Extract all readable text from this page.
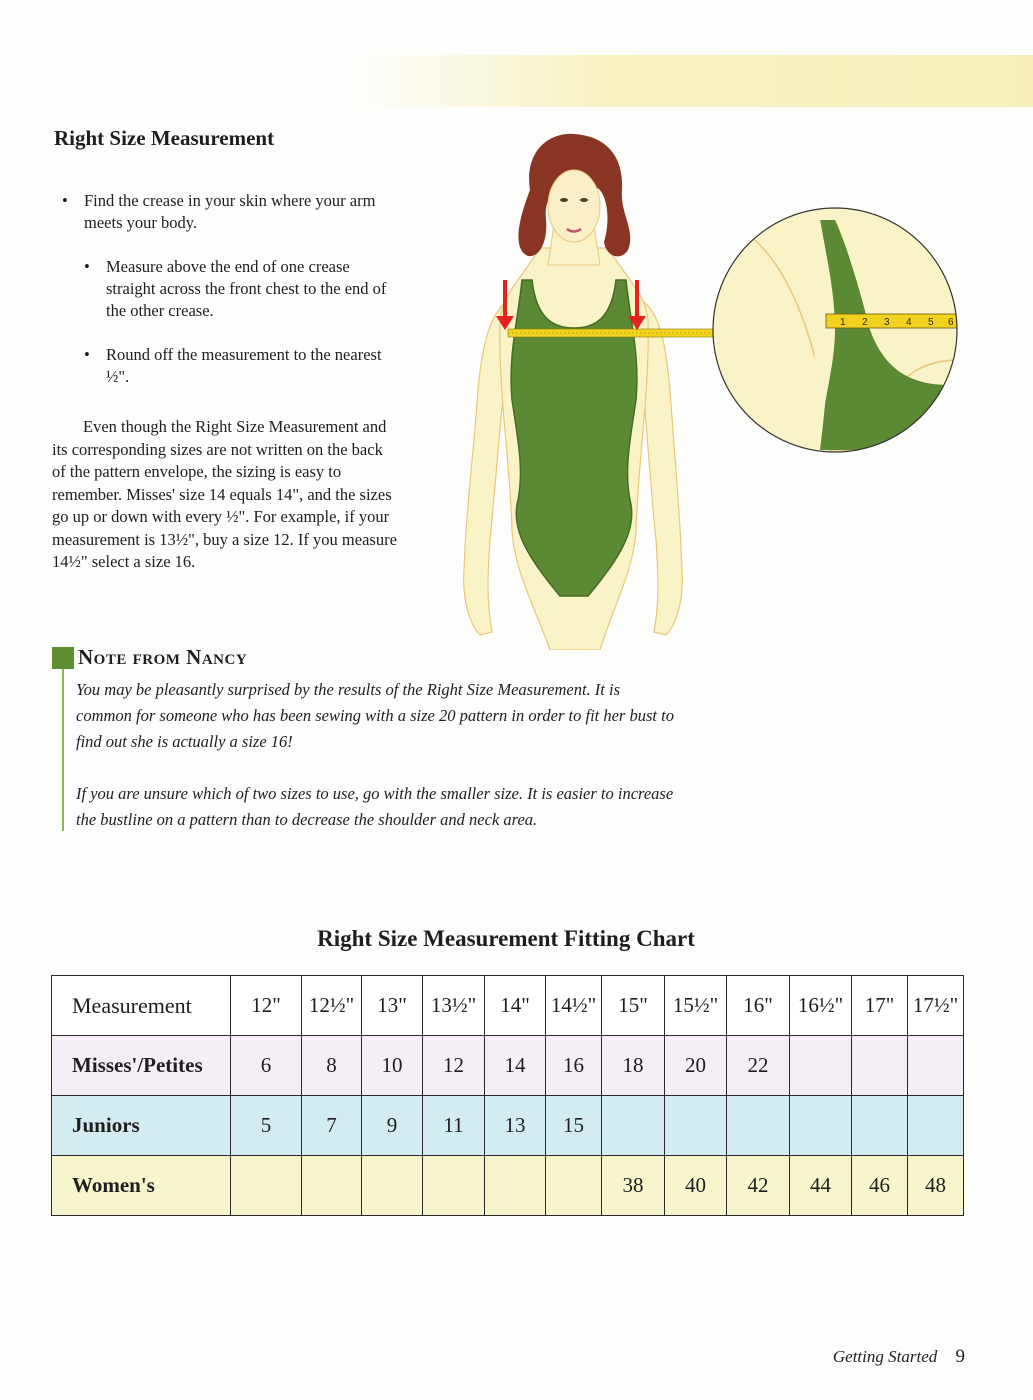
Right Size Measurement
• Find the crease in your skin where your arm meets your body.
• Measure above the end of one crease straight across the front chest to the end of the other crease.
• Round off the measurement to the nearest ½".

Even though the Right Size Measurement and its corresponding sizes are not written on the back of the pattern envelope, the sizing is easy to remember. Misses' size 14 equals 14", and the sizes go up or down with every ½". For example, if your measurement is 13½", buy a size 12. If you measure 14½" select a size 16.

1 2 3 4 5 6
Note from Nancy

You may be pleasantly surprised by the results of the Right Size Measurement. It is common for someone who has been sewing with a size 20 pattern in order to fit her bust to find out she is actually a size 16!

If you are unsure which of two sizes to use, go with the smaller size. It is easier to increase the bustline on a pattern than to decrease the shoulder and neck area.

Right Size Measurement Fitting Chart
Measurement	12"	12½"	13"	13½"	14"	14½"	15"	15½"	16"	16½"	17"	17½"
Misses'/Petites	6	8	10	12	14	16	18	20	22			
Juniors	5	7	9	11	13	15						
Women's							38	40	42	44	46	48

Getting Started 9
